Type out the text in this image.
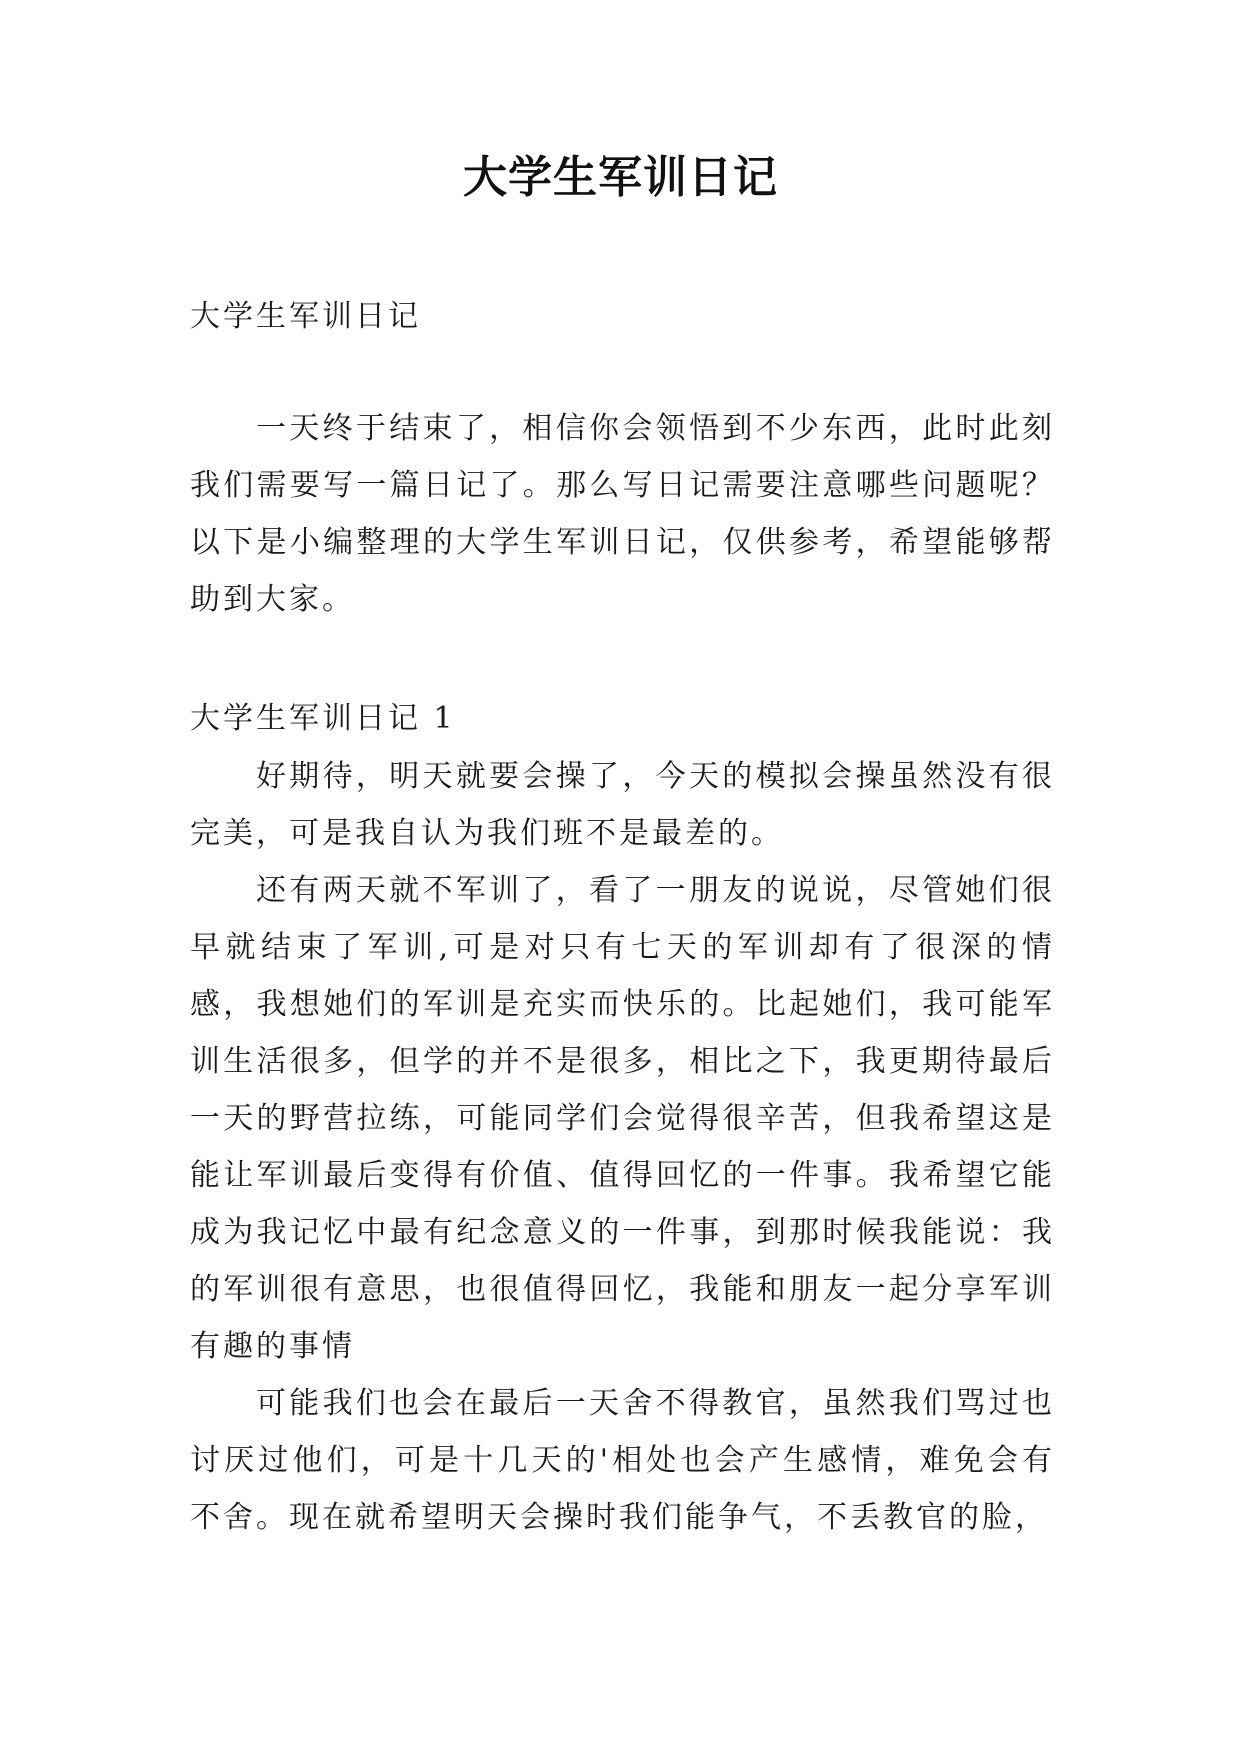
大学生军训日记

大学生军训日记

一天终于结束了，相信你会领悟到不少东西，此时此刻我们需要写一篇日记了。那么写日记需要注意哪些问题呢？以下是小编整理的大学生军训日记，仅供参考，希望能够帮助到大家。

大学生军训日记 1

好期待，明天就要会操了，今天的模拟会操虽然没有很完美，可是我自认为我们班不是最差的。

还有两天就不军训了，看了一朋友的说说，尽管她们很早就结束了军训,可是对只有七天的军训却有了很深的情感，我想她们的军训是充实而快乐的。比起她们，我可能军训生活很多，但学的并不是很多，相比之下，我更期待最后一天的野营拉练，可能同学们会觉得很辛苦，但我希望这是能让军训最后变得有价值、值得回忆的一件事。我希望它能成为我记忆中最有纪念意义的一件事，到那时候我能说：我的军训很有意思，也很值得回忆，我能和朋友一起分享军训有趣的事情

可能我们也会在最后一天舍不得教官，虽然我们骂过也讨厌过他们，可是十几天的'相处也会产生感情，难免会有不舍。现在就希望明天会操时我们能争气，不丢教官的脸，
